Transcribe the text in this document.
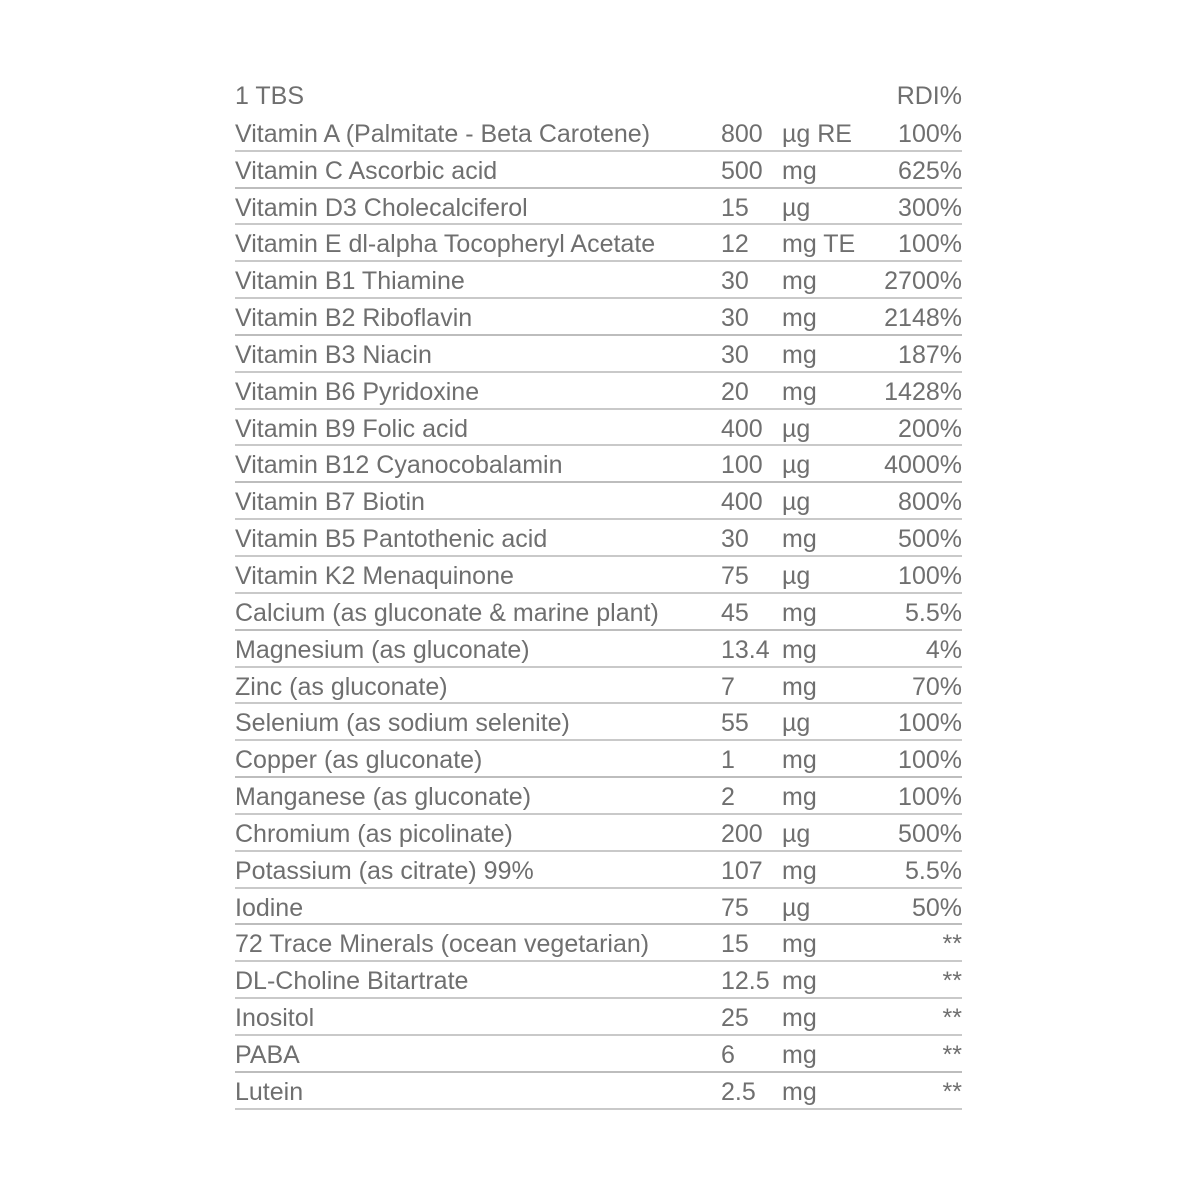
1 TBS	RDI%
Vitamin A (Palmitate - Beta Carotene)	800 µg RE 100%
Vitamin C Ascorbic acid	500 mg	625%
Vitamin D3 Cholecalciferol	15 µg	300%
Vitamin E dl-alpha Tocopheryl Acetate	12 mg TE 100%
Vitamin B1 Thiamine	30 mg	2700%
Vitamin B2 Riboflavin	30 mg	2148%
Vitamin B3 Niacin	30 mg	187%
Vitamin B6 Pyridoxine	20 mg	1428%
Vitamin B9 Folic acid	400 µg	200%
Vitamin B12 Cyanocobalamin	100 µg	4000%
Vitamin B7 Biotin	400 µg	800%
Vitamin B5 Pantothenic acid	30 mg	500%
Vitamin K2 Menaquinone	75 µg	100%
Calcium (as gluconate & marine plant) 45 mg	5.5%
Magnesium (as gluconate)	13.4 mg	4%
Zinc (as gluconate)	7 mg	70%
Selenium (as sodium selenite)	55 µg	100%
Copper (as gluconate)	1 mg	100%
Manganese (as gluconate)	2 mg	100%
Chromium (as picolinate)	200 µg	500%
Potassium (as citrate) 99%	107 mg	5.5%
Iodine	75 µg	50%
72 Trace Minerals (ocean vegetarian)	15 mg	**
DL-Choline Bitartrate	12.5 mg	**
Inositol	25 mg	**
PABA	6 mg	**
Lutein	2.5 mg	**
